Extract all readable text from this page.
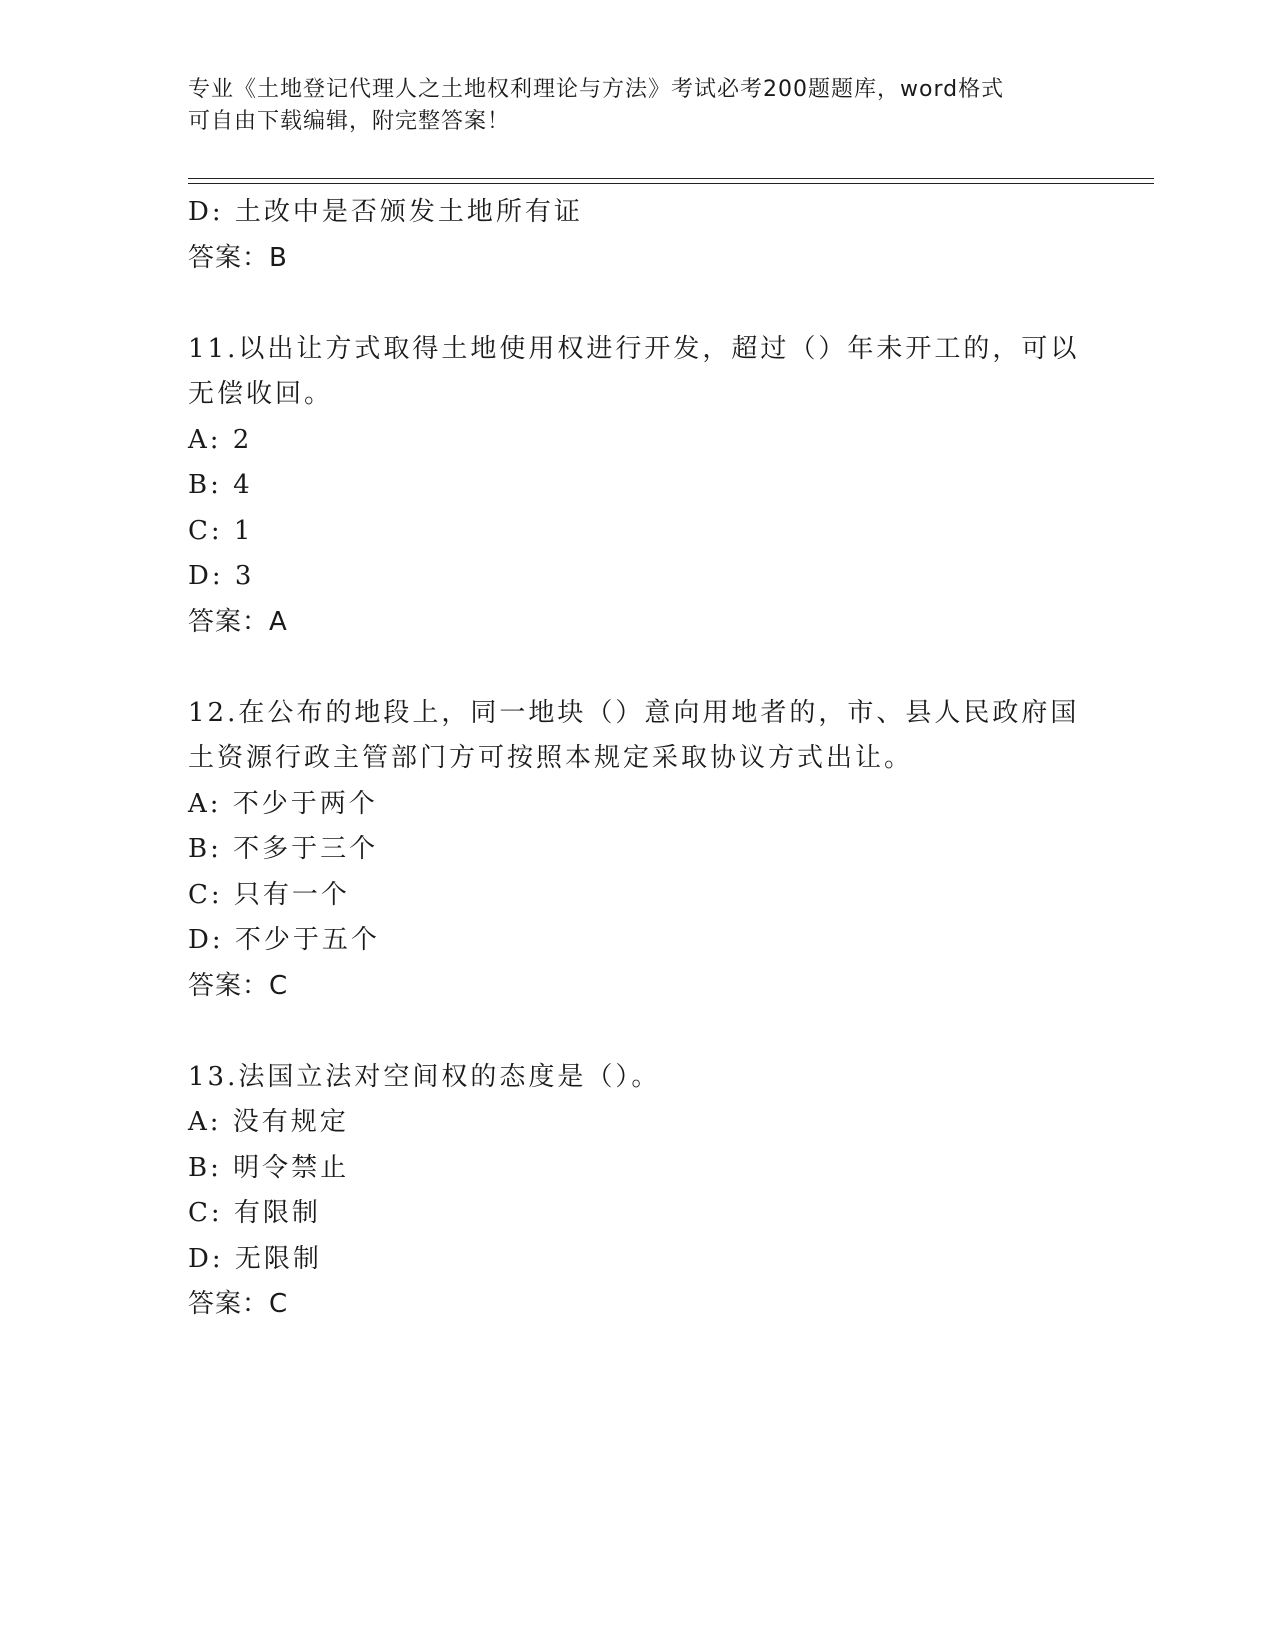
专业《土地登记代理人之土地权利理论与方法》考试必考200题题库，word格式
可自由下载编辑，附完整答案！
D: 土改中是否颁发土地所有证
答案：B
11.以出让方式取得土地使用权进行开发，超过（）年未开工的，可以
无偿收回。
A: 2
B: 4
C: 1
D: 3
答案：A
12.在公布的地段上，同一地块（）意向用地者的，市、县人民政府国
土资源行政主管部门方可按照本规定采取协议方式出让。
A: 不少于两个
B: 不多于三个
C: 只有一个
D: 不少于五个
答案：C
13.法国立法对空间权的态度是（）。
A: 没有规定
B: 明令禁止
C: 有限制
D: 无限制
答案：C
